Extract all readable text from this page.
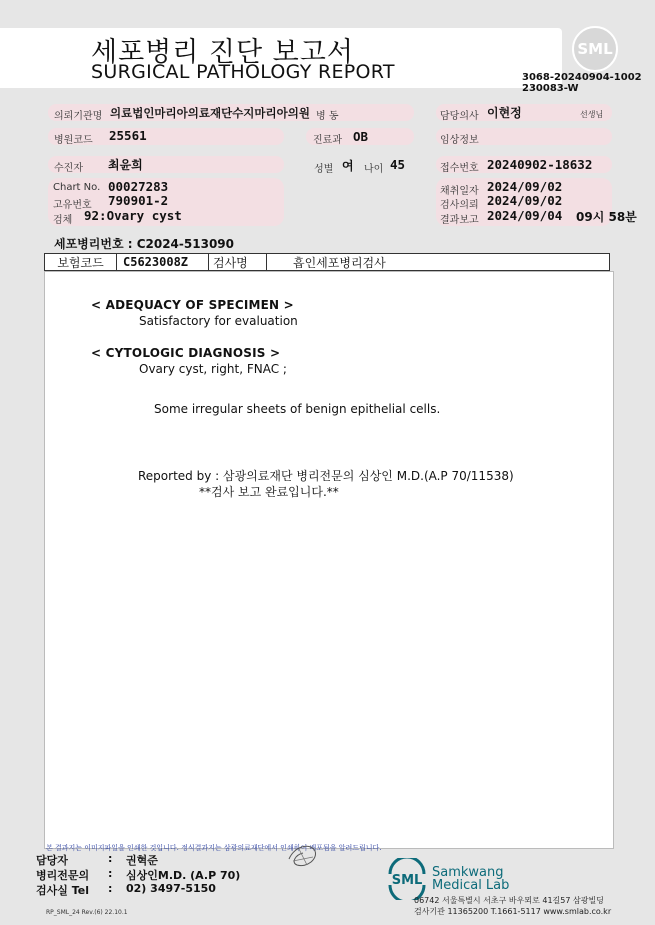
세포병리 진단 보고서
SURGICAL PATHOLOGY REPORT
SML
3068-20240904-1002
230083-W
의뢰기관명 의료법인마리아의료재단수지마리아의원 병 동	담당의사 이현정	선생님
병원코드 25561	진료과 OB	임상정보
수진자 최윤희	성별 여 나이 45	접수번호 20240902-18632
Chart No. 00027283
고유번호 790901-2
검체 92:Ovary cyst
채취일자 2024/09/02
검사의뢰 2024/09/02
결과보고 2024/09/04 09시 58분
세포병리번호 : C2024-513090
보험코드	C5623008Z	검사명	흡인세포병리검사
< ADEQUACY OF SPECIMEN >
Satisfactory for evaluation
< CYTOLOGIC DIAGNOSIS >
Ovary cyst, right, FNAC ;
Some irregular sheets of benign epithelial cells.
Reported by : 삼광의료재단 병리전문의 심상인 M.D.(A.P 70/11538)
**검사 보고 완료입니다.**
본 결과지는 이미지파일을 인쇄한 것입니다. 정식결과지는 삼광의료재단에서 인쇄하여 배포됨을 알려드립니다.
담당자	: 권혁준
병리전문의 : 심상인M.D. (A.P 70)
검사실 Tel : 02) 3497-5150
SML
Samkwang
Medical Lab
06742 서울특별시 서초구 바우뫼로 41길57 삼광빌딩
검사기관 11365200 T.1661-5117 www.smlab.co.kr
RP_SML_24 Rev.(6) 22.10.1
